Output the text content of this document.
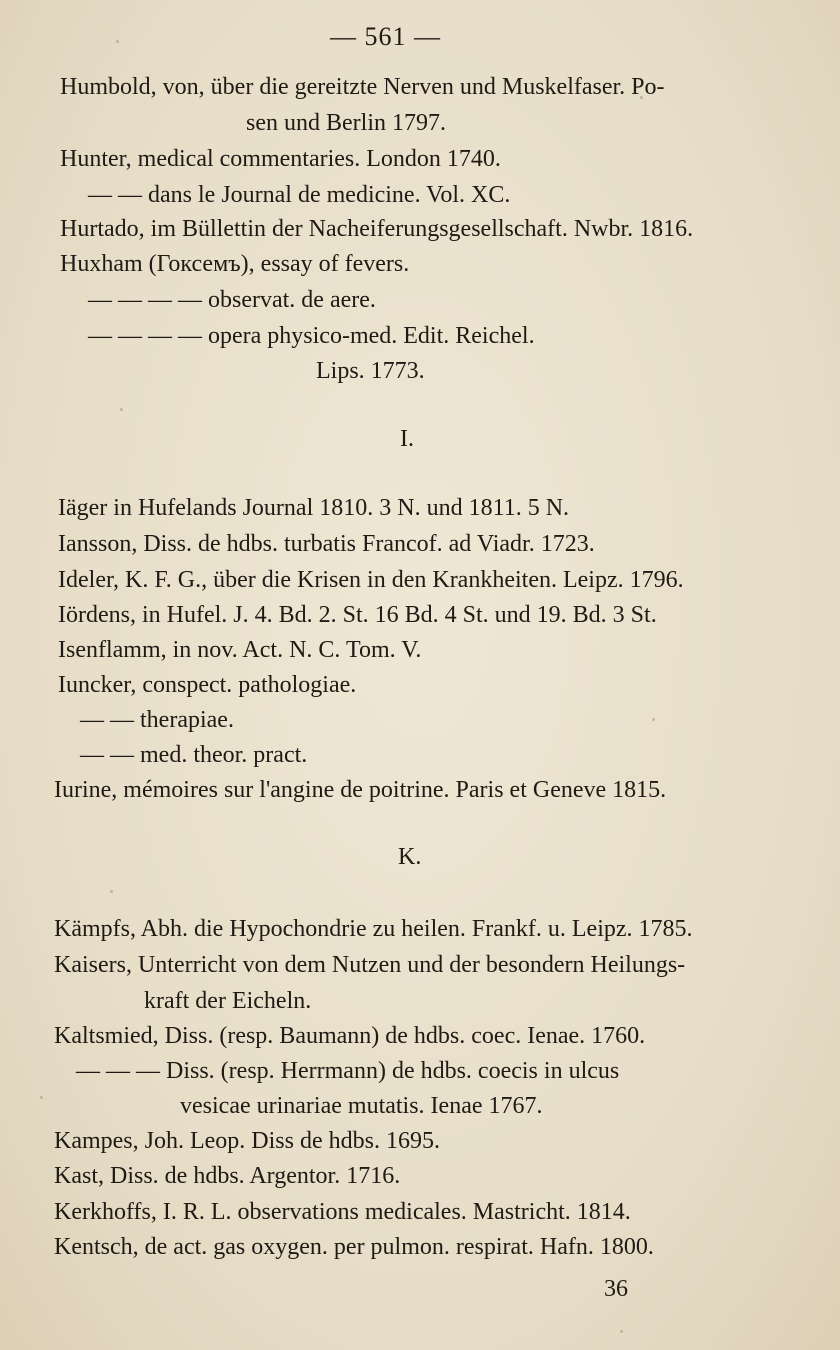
— 561 —
Humbold, von, über die gereitzte Nerven und Muskelfaser. Po-
sen und Berlin 1797.
Hunter, medical commentaries. London 1740.
— — dans le Journal de medicine. Vol. XC.
Hurtado, im Büllettin der Nacheiferungsgesellschaft. Nwbr. 1816.
Huxham (Гоксемъ), essay of fevers.
— — — — observat. de aere.
— — — — opera physico-med. Edit. Reichel.
Lips. 1773.
I.
Iäger in Hufelands Journal 1810. 3 N. und 1811. 5 N.
Iansson, Diss. de hdbs. turbatis Francof. ad Viadr. 1723.
Ideler, K. F. G., über die Krisen in den Krankheiten. Leipz. 1796.
Iördens, in Hufel. J. 4. Bd. 2. St. 16 Bd. 4 St. und 19. Bd. 3 St.
Isenflamm, in nov. Act. N. C. Tom. V.
Iuncker, conspect. pathologiae.
— — therapiae.
— — med. theor. pract.
Iurine, mémoires sur l'angine de poitrine. Paris et Geneve 1815.
K.
Kämpfs, Abh. die Hypochondrie zu heilen. Frankf. u. Leipz. 1785.
Kaisers, Unterricht von dem Nutzen und der besondern Heilungs-
kraft der Eicheln.
Kaltsmied, Diss. (resp. Baumann) de hdbs. coec. Ienae. 1760.
— — — Diss. (resp. Herrmann) de hdbs. coecis in ulcus
vesicae urinariae mutatis. Ienae 1767.
Kampes, Joh. Leop. Diss de hdbs. 1695.
Kast, Diss. de hdbs. Argentor. 1716.
Kerkhoffs, I. R. L. observations medicales. Mastricht. 1814.
Kentsch, de act. gas oxygen. per pulmon. respirat. Hafn. 1800.
36
